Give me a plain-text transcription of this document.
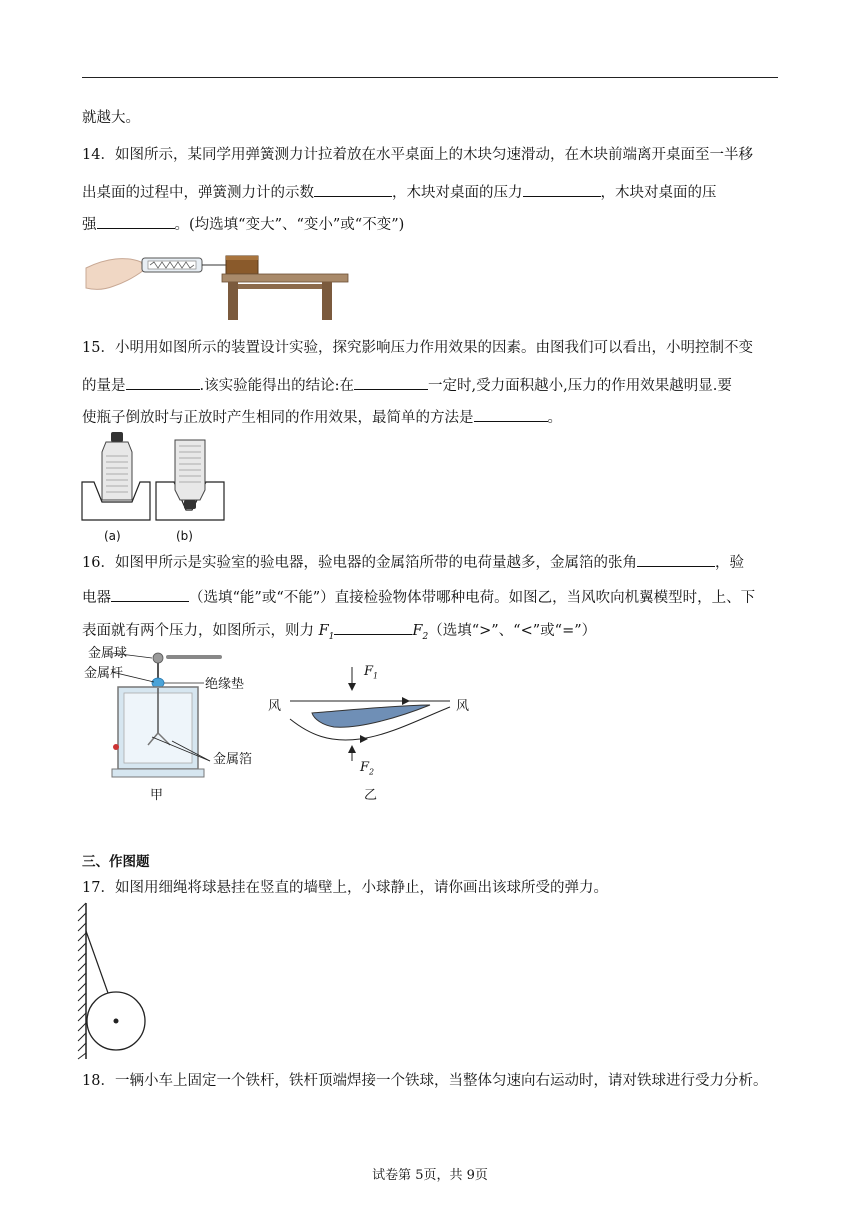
就越大。
14．如图所示，某同学用弹簧测力计拉着放在水平桌面上的木块匀速滑动，在木块前端离开桌面至一半移
出桌面的过程中，弹簧测力计的示数	，木块对桌面的压力	，木块对桌面的压
强	。(均选填“变大”、“变小”或“不变”)
15．小明用如图所示的装置设计实验，探究影响压力作用效果的因素。由图我们可以看出，小明控制不变
的量是	.该实验能得出的结论:在	一定时,受力面积越小,压力的作用效果越明显.要
使瓶子倒放时与正放时产生相同的作用效果，最简单的方法是	。
(a)	(b)
16．如图甲所示是实验室的验电器，验电器的金属箔所带的电荷量越多，金属箔的张角	，验
电器	（选填“能”或“不能”）直接检验物体带哪种电荷。如图乙，当风吹向机翼模型时，上、下
表面就有两个压力，如图所示，则力 $F_1$	$F_2$（选填“>”、“<”或“=”）
金属球
金属杆
绝缘垫
金属箔
甲
$F_1$
风	风
$F_2$
乙
三、作图题
17．如图用细绳将球悬挂在竖直的墙壁上，小球静止，请你画出该球所受的弹力。
18．一辆小车上固定一个铁杆，铁杆顶端焊接一个铁球，当整体匀速向右运动时，请对铁球进行受力分析。
试卷第 5页，共 9页
